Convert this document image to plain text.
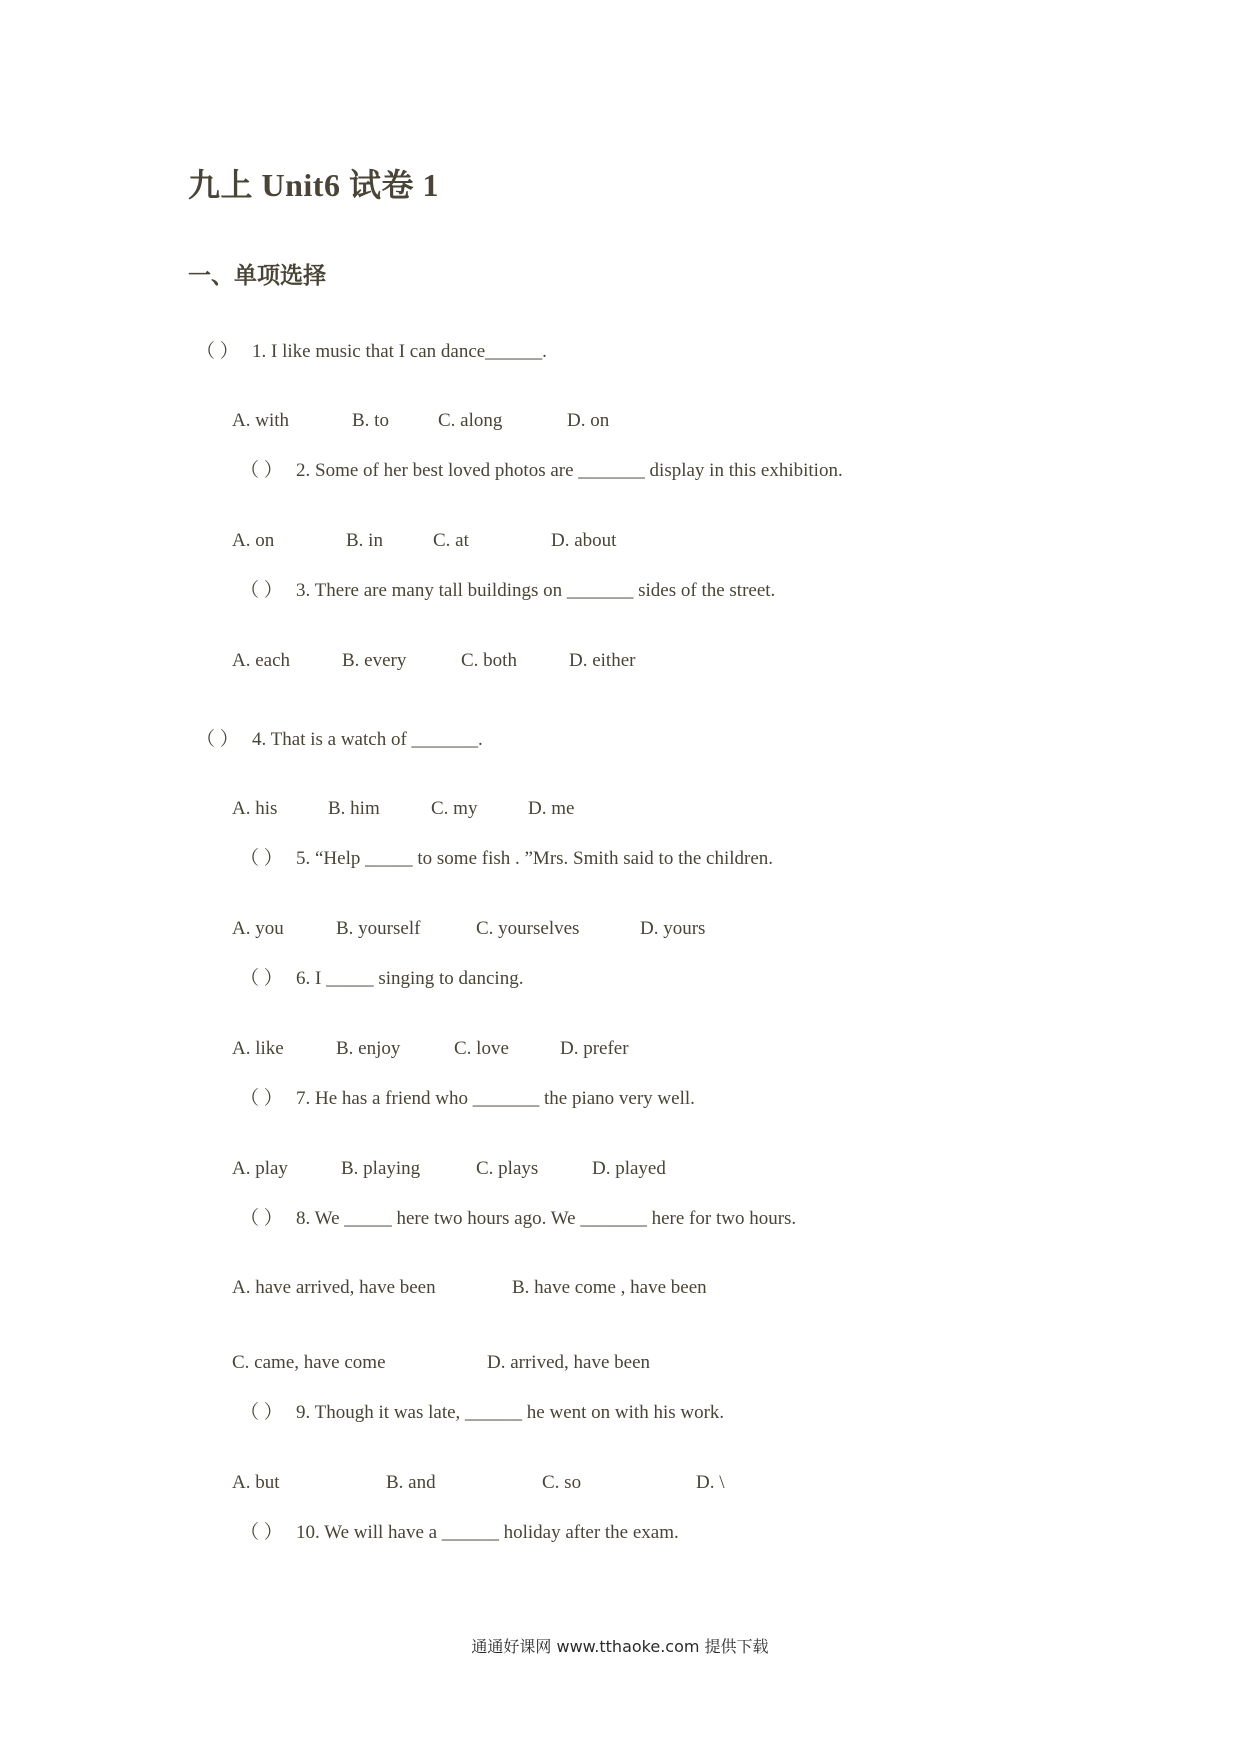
九上 Unit6 试卷 1
一、单项选择
（ ） 1. I like music that I can dance______.
A. with	B. to	C. along	D. on
（ ） 2. Some of her best loved photos are _______ display in this exhibition.
A. on	B. in	C. at	D. about
（ ） 3. There are many tall buildings on _______ sides of the street.
A. each	B. every	C. both	D. either
（ ） 4. That is a watch of _______.
A. his	B. him	C. my	D. me
（ ） 5. “Help _____ to some fish . ”Mrs. Smith said to the children.
A. you	B. yourself	C. yourselves	D. yours
（ ） 6. I _____ singing to dancing.
A. like	B. enjoy	C. love	D. prefer
（ ） 7. He has a friend who _______ the piano very well.
A. play	B. playing	C. plays	D. played
（ ） 8. We _____ here two hours ago. We _______ here for two hours.
A. have arrived, have been	B. have come , have been
C. came, have come	D. arrived, have been
（ ） 9. Though it was late, ______ he went on with his work.
A. but	B. and	C. so	D. \
（ ） 10. We will have a ______ holiday after the exam.
通通好课网 www.tthaoke.com 提供下载
